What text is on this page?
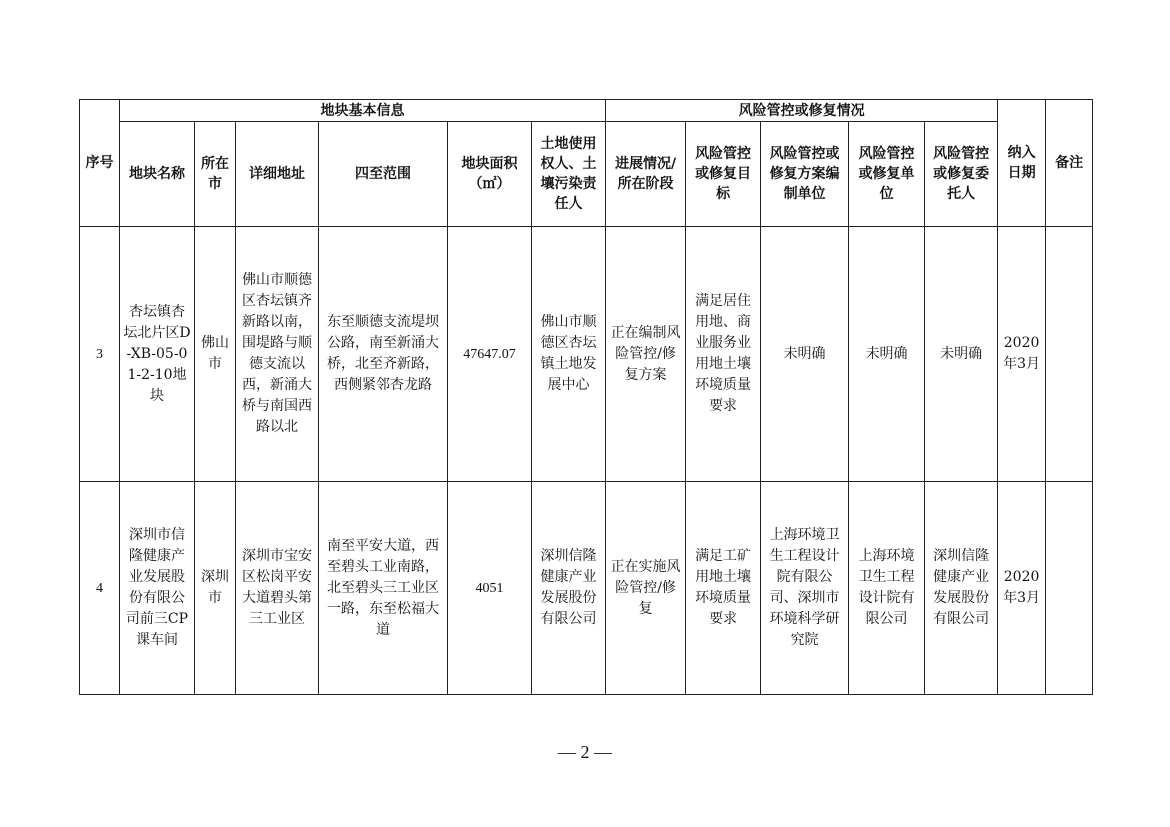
序号	地块基本信息						风险管控或修复情况					纳入日期	备注
	地块名称	所在市	详细地址	四至范围	地块面积（㎡）	土地使用权人、土壤污染责任人	进展情况/所在阶段	风险管控或修复目标	风险管控或修复方案编制单位	风险管控或修复单位	风险管控或修复委托人		
3	杏坛镇杏坛北片区D-XB-05-01-2-10地块	佛山市	佛山市顺德区杏坛镇齐新路以南，围堤路与顺德支流以西，新涌大桥与南国西路以北	东至顺德支流堤坝公路，南至新涌大桥，北至齐新路，西侧紧邻杏龙路	47647.07	佛山市顺德区杏坛镇土地发展中心	正在编制风险管控/修复方案	满足居住用地、商业服务业用地土壤环境质量要求	未明确	未明确	未明确	2020年3月	
4	深圳市信隆健康产业发展股份有限公司前三CP课车间	深圳市	深圳市宝安区松岗平安大道碧头第三工业区	南至平安大道，西至碧头工业南路，北至碧头三工业区一路，东至松福大道	4051	深圳信隆健康产业发展股份有限公司	正在实施风险管控/修复	满足工矿用地土壤环境质量要求	上海环境卫生工程设计院有限公司、深圳市环境科学研究院	上海环境卫生工程设计院有限公司	深圳信隆健康产业发展股份有限公司	2020年3月	
— 2 —
